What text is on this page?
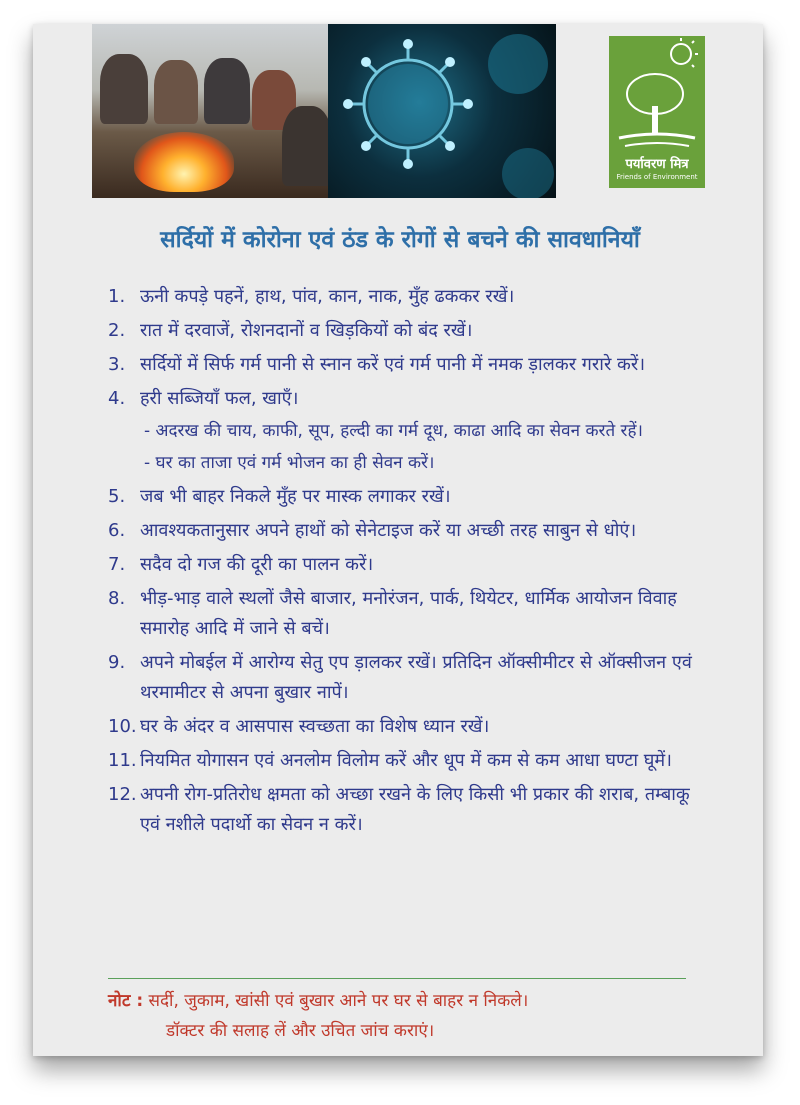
पर्यावरण मित्र
Friends of Environment
सर्दियों में कोरोना एवं ठंड के रोगों से बचने की सावधानियाँ
1. ऊनी कपड़े पहनें, हाथ, पांव, कान, नाक, मुँह ढककर रखें।
2. रात में दरवाजें, रोशनदानों व खिड़कियों को बंद रखें।
3. सर्दियों में सिर्फ गर्म पानी से स्नान करें एवं गर्म पानी में नमक ड़ालकर गरारे करें।
4. हरी सब्जियाँ फल, खाएँ।
- अदरख की चाय, काफी, सूप, हल्दी का गर्म दूध, काढा आदि का सेवन करते रहें।
- घर का ताजा एवं गर्म भोजन का ही सेवन करें।
5. जब भी बाहर निकले मुँह पर मास्क लगाकर रखें।
6. आवश्यकतानुसार अपने हाथों को सेनेटाइज करें या अच्छी तरह साबुन से धोएं।
7. सदैव दो गज की दूरी का पालन करें।
8. भीड़-भाड़ वाले स्थलों जैसे बाजार, मनोरंजन, पार्क, थियेटर, धार्मिक आयोजन विवाह समारोह आदि में जाने से बचें।
9. अपने मोबईल में आरोग्य सेतु एप ड़ालकर रखें। प्रतिदिन ऑक्सीमीटर से ऑक्सीजन एवं थरमामीटर से अपना बुखार नापें।
10. घर के अंदर व आसपास स्वच्छता का विशेष ध्यान रखें।
11. नियमित योगासन एवं अनलोम विलोम करें और धूप में कम से कम आधा घण्टा घूमें।
12. अपनी रोग-प्रतिरोध क्षमता को अच्छा रखने के लिए किसी भी प्रकार की शराब, तम्बाकू एवं नशीले पदार्थो का सेवन न करें।
नोट : सर्दी, जुकाम, खांसी एवं बुखार आने पर घर से बाहर न निकले।
डॉक्टर की सलाह लें और उचित जांच कराएं।
